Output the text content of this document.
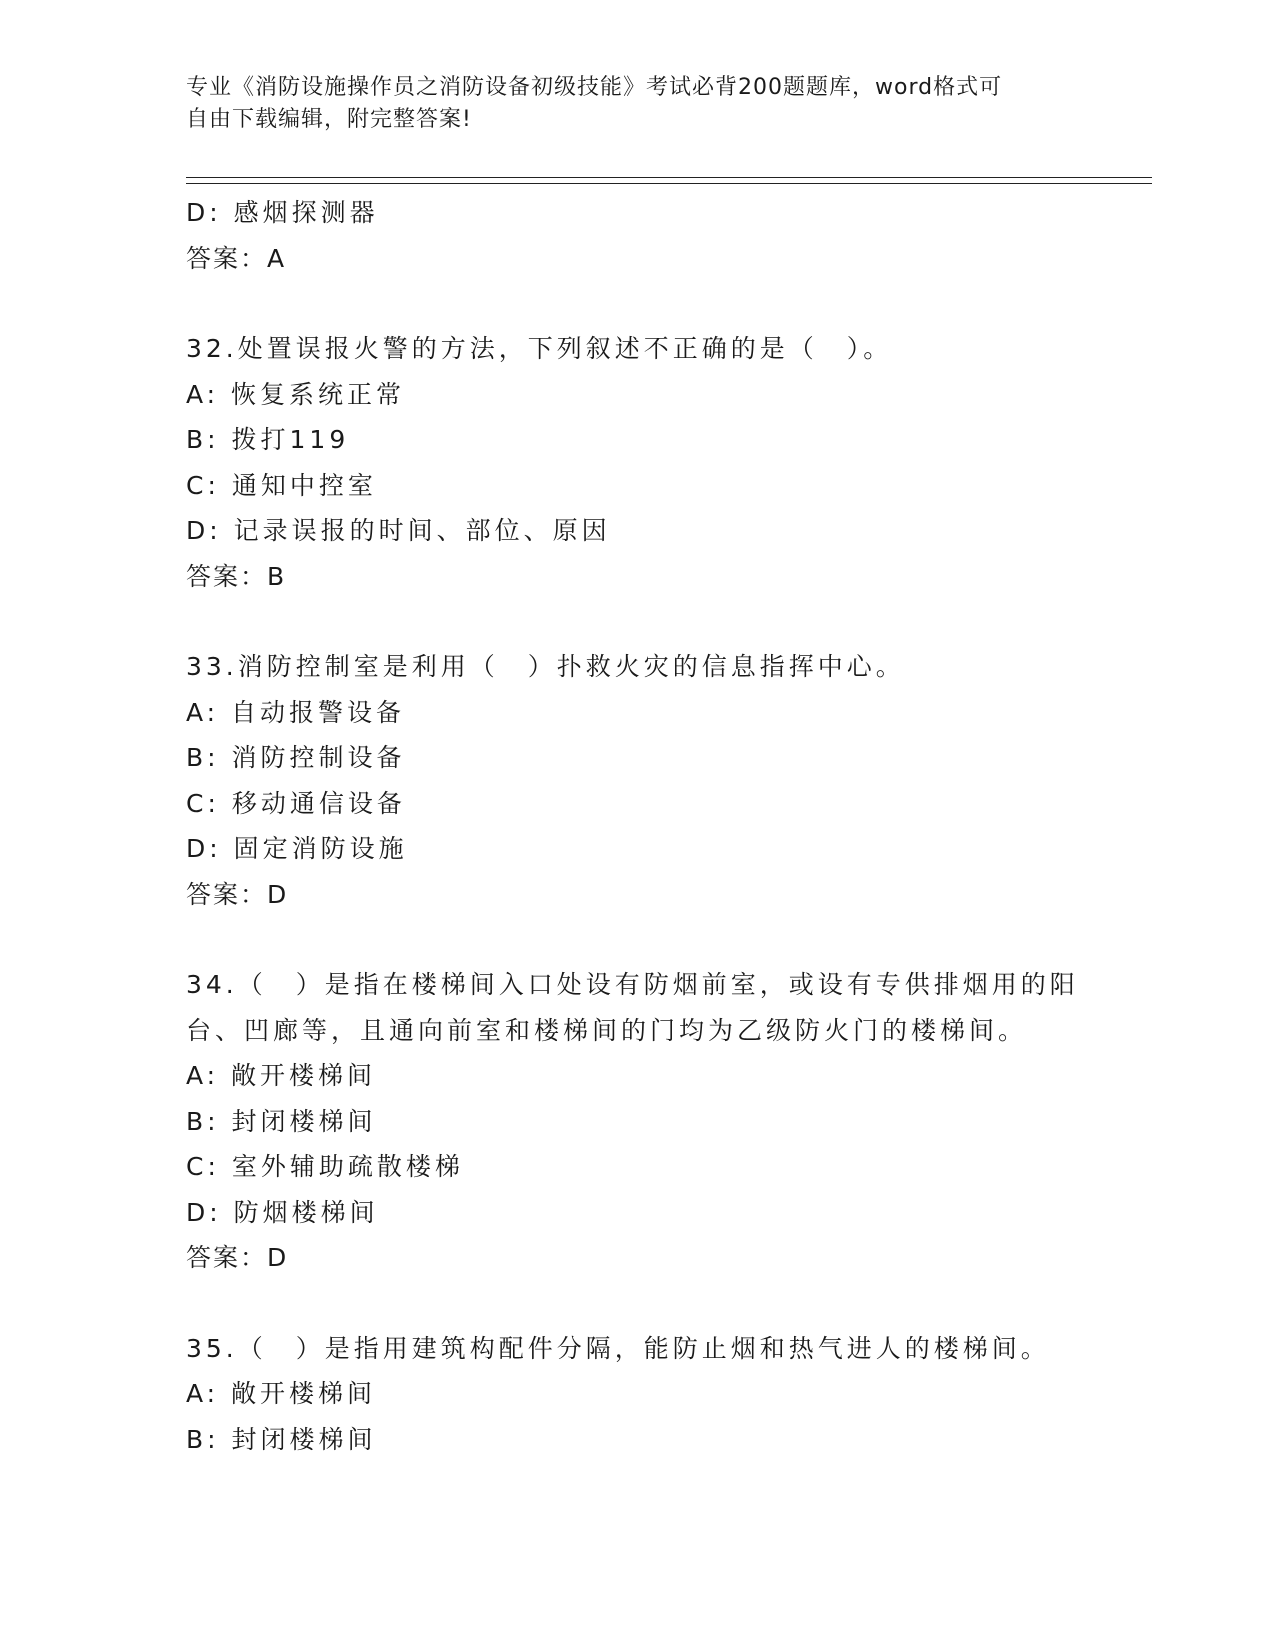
专业《消防设施操作员之消防设备初级技能》考试必背200题题库，word格式可
自由下载编辑，附完整答案!
D: 感烟探测器
答案：A
32.处置误报火警的方法，下列叙述不正确的是（　）。
A: 恢复系统正常
B: 拨打119
C: 通知中控室
D: 记录误报的时间、部位、原因
答案：B
33.消防控制室是利用（　）扑救火灾的信息指挥中心。
A: 自动报警设备
B: 消防控制设备
C: 移动通信设备
D: 固定消防设施
答案：D
34.（　）是指在楼梯间入口处设有防烟前室，或设有专供排烟用的阳
台、凹廊等，且通向前室和楼梯间的门均为乙级防火门的楼梯间。
A: 敞开楼梯间
B: 封闭楼梯间
C: 室外辅助疏散楼梯
D: 防烟楼梯间
答案：D
35.（　）是指用建筑构配件分隔，能防止烟和热气进人的楼梯间。
A: 敞开楼梯间
B: 封闭楼梯间
